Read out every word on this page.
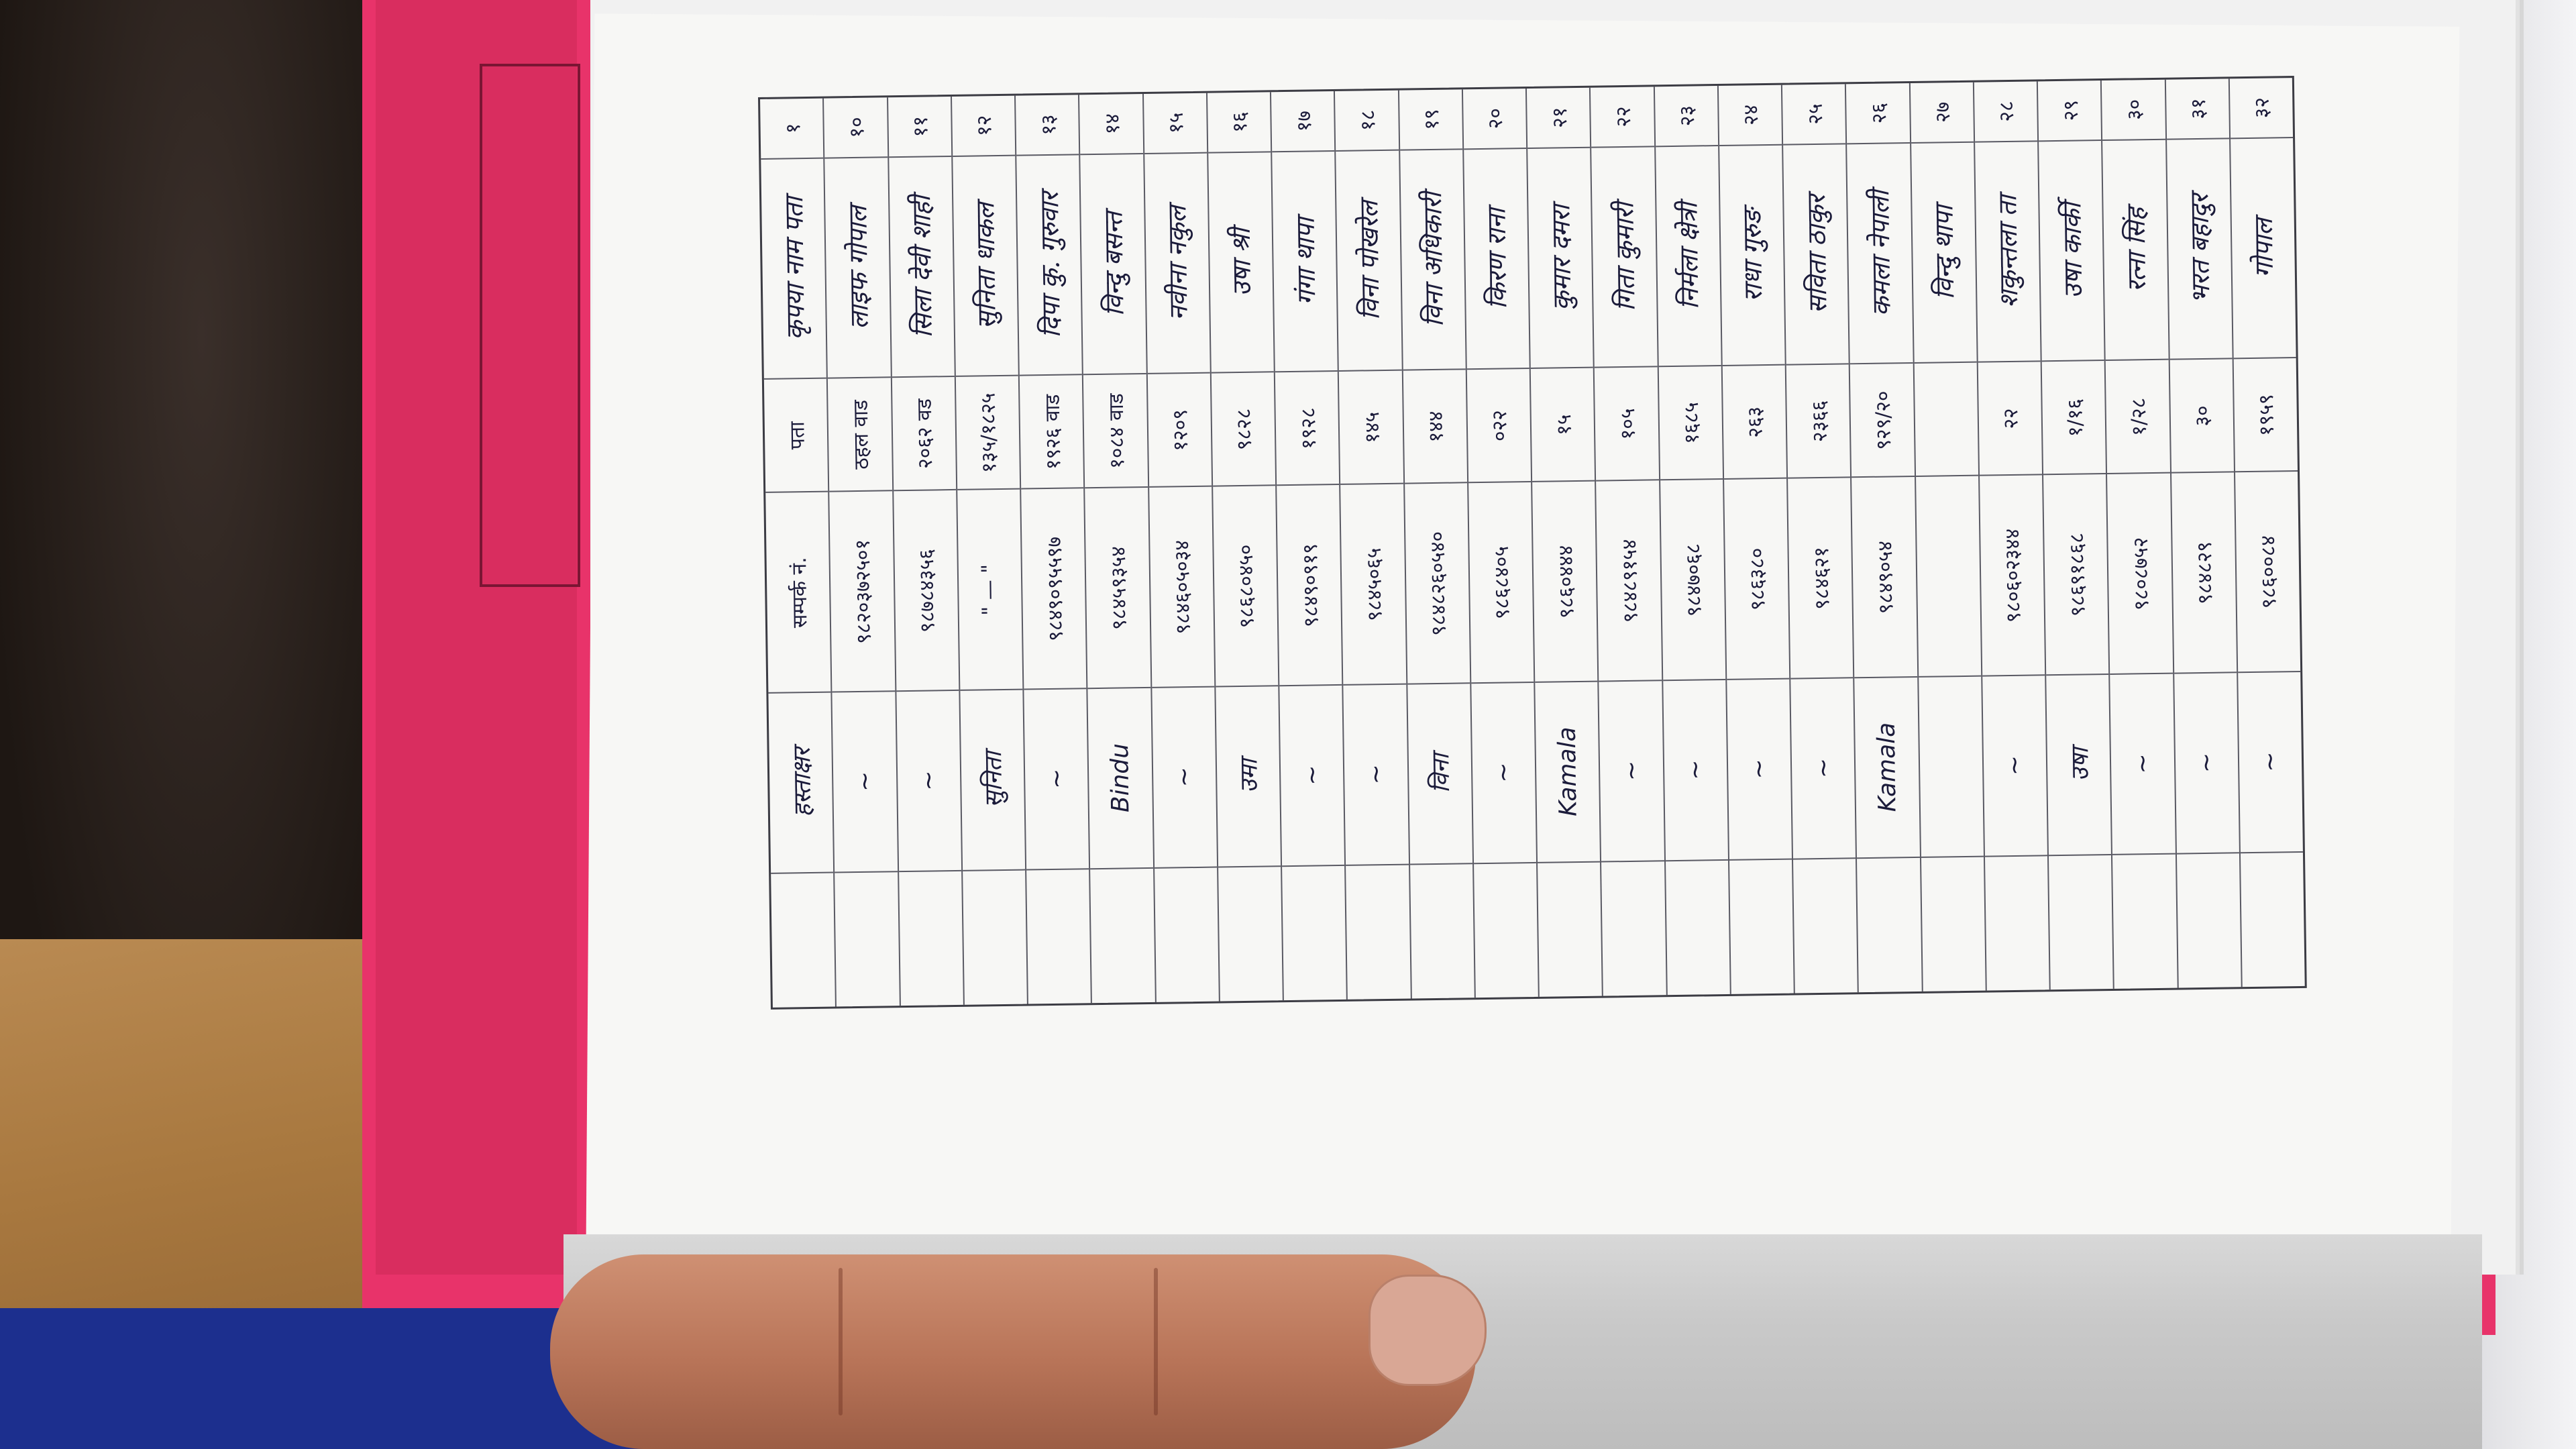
१
कृपया नाम पता
पता
सम्पर्क नं.
हस्ताक्षर
१०
लाइफ गोपाल
ठहल वाड
९८२०३७२५०१
~
११
सिला देवी शाही
२०६२ वड
९८७८४३५६
~
१२
सुनिता धाकल
१३५/१८२५
" — "
सुनिता
१३
दिपा कु. गुरुवार
१९२६ वाड
९८४९०९५५९७
~
१४
विन्दु बसन्त
१०८४ वाड
९८४५९३५४
Bindu
१५
नवीना नकुल
१२०९
९८४६०५०३४
~
१६
उषा श्री
९८२८
९८६८०४५०
उमा
१७
गंगा थापा
१९२८
९८४९०९१९
~
१८
विना पोखरेल
१४५
९८४५०६५
~
१९
विना अधिकारी
१४४
९८४८२६०५४०
विना
२०
किरण राना
०२२
९८६८४०५
~
२१
कुमार दमरा
१५
९८६०४४४
Kamala
२२
गिता कुमारी
१०५
९८४८९१५४
~
२३
निर्मला क्षेत्री
१६८५
९८४७०६८
~
२४
राधा गुरुङ
२६३
९८६३८०
~
२५
सविता ठाकुर
२३६६
९८४६२१
~
२६
कमला नेपाली
९२९/२०
९८४९०५४
Kamala
२७
विन्दु थापा
२८
शकुन्तला ता
२२
९८०६०२३४४
~
२९
उषा कार्की
१/१६
९८६९१८६८
उषा
३०
रत्ना सिंह
१/२८
९८०८७५२
~
३१
भरत बहादुर
३०
९८४८२९
~
३२
गोपाल
१९५९
९८६००८४
~
